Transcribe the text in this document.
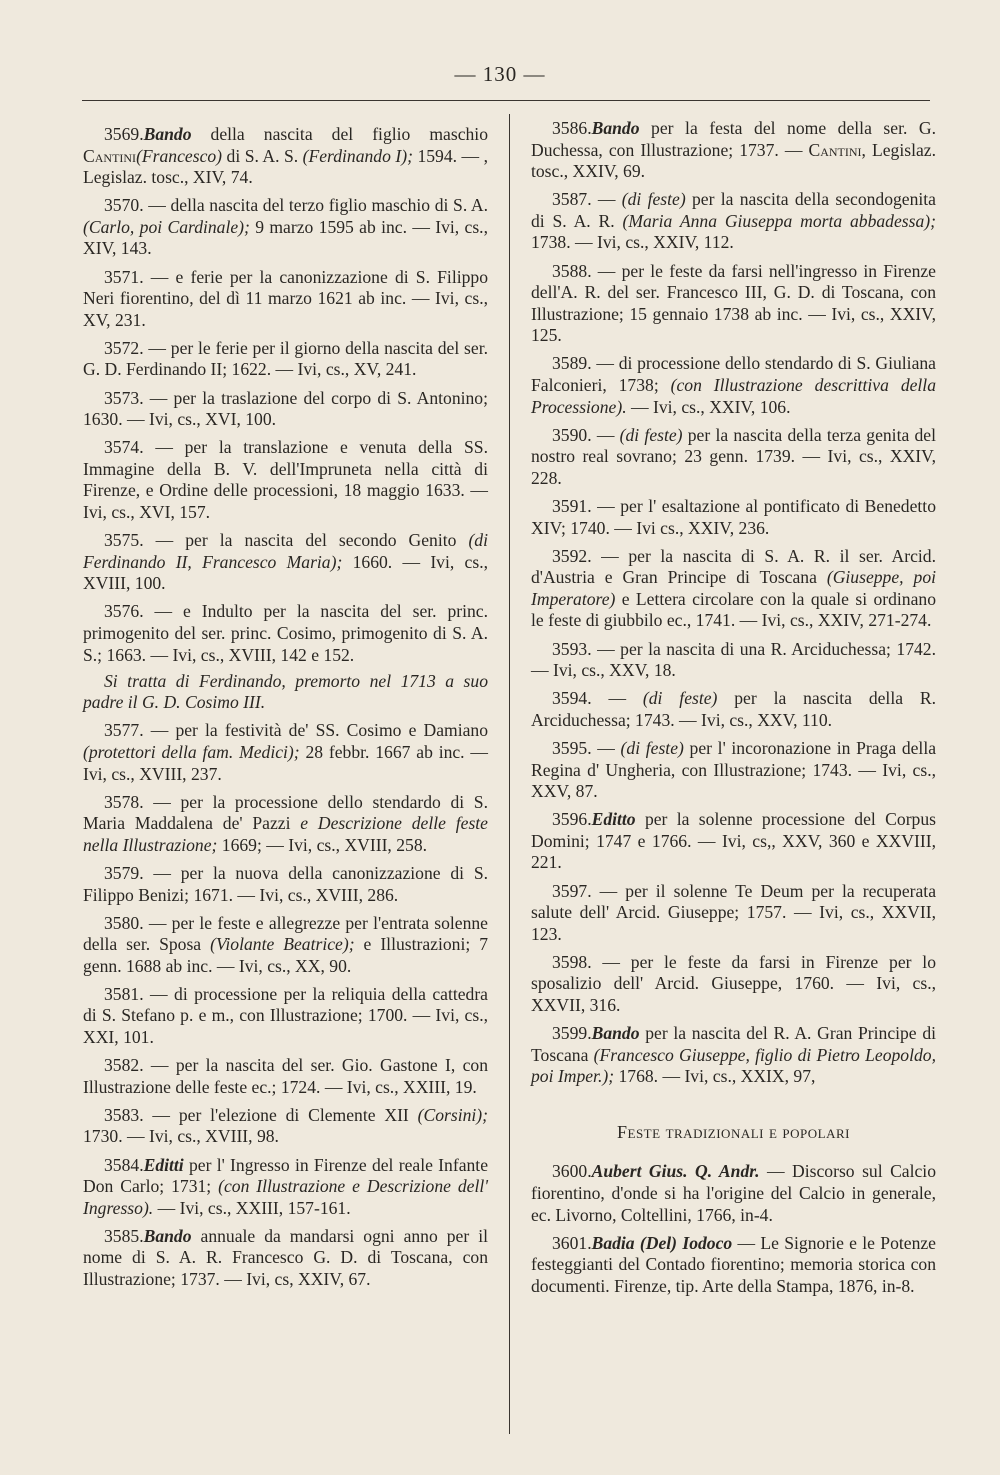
— 130 —

3569.Bando della nascita del figlio maschio Cantini(Francesco) di S. A. S. (Ferdinando I); 1594. — , Legislaz. tosc., XIV, 74.

3570. — della nascita del terzo figlio maschio di S. A. (Carlo, poi Cardinale); 9 marzo 1595 ab inc. — Ivi, cs., XIV, 143.

3571. — e ferie per la canonizzazione di S. Filippo Neri fiorentino, del dì 11 marzo 1621 ab inc. — Ivi, cs., XV, 231.

3572. — per le ferie per il giorno della nascita del ser. G. D. Ferdinando II; 1622. — Ivi, cs., XV, 241.

3573. — per la traslazione del corpo di S. Antonino; 1630. — Ivi, cs., XVI, 100.

3574. — per la translazione e venuta della SS. Immagine della B. V. dell'Impruneta nella città di Firenze, e Ordine delle processioni, 18 maggio 1633. — Ivi, cs., XVI, 157.

3575. — per la nascita del secondo Genito (di Ferdinando II, Francesco Maria); 1660. — Ivi, cs., XVIII, 100.

3576. — e Indulto per la nascita del ser. princ. primogenito del ser. princ. Cosimo, primogenito di S. A. S.; 1663. — Ivi, cs., XVIII, 142 e 152.

Si tratta di Ferdinando, premorto nel 1713 a suo padre il G. D. Cosimo III.

3577. — per la festività de' SS. Cosimo e Damiano (protettori della fam. Medici); 28 febbr. 1667 ab inc. — Ivi, cs., XVIII, 237.

3578. — per la processione dello stendardo di S. Maria Maddalena de' Pazzi e Descrizione delle feste nella Illustrazione; 1669; — Ivi, cs., XVIII, 258.

3579. — per la nuova della canonizzazione di S. Filippo Benizi; 1671. — Ivi, cs., XVIII, 286.

3580. — per le feste e allegrezze per l'entrata solenne della ser. Sposa (Violante Beatrice); e Illustrazioni; 7 genn. 1688 ab inc. — Ivi, cs., XX, 90.

3581. — di processione per la reliquia della cattedra di S. Stefano p. e m., con Illustrazione; 1700. — Ivi, cs., XXI, 101.

3582. — per la nascita del ser. Gio. Gastone I, con Illustrazione delle feste ec.; 1724. — Ivi, cs., XXIII, 19.

3583. — per l'elezione di Clemente XII (Corsini); 1730. — Ivi, cs., XVIII, 98.

3584.Editti per l' Ingresso in Firenze del reale Infante Don Carlo; 1731; (con Illustrazione e Descrizione dell' Ingresso). — Ivi, cs., XXIII, 157-161.

3585.Bando annuale da mandarsi ogni anno per il nome di S. A. R. Francesco G. D. di Toscana, con Illustrazione; 1737. — Ivi, cs, XXIV, 67.

3586.Bando per la festa del nome della ser. G. Duchessa, con Illustrazione; 1737. — Cantini, Legislaz. tosc., XXIV, 69.

3587. — (di feste) per la nascita della secondogenita di S. A. R. (Maria Anna Giuseppa morta abbadessa); 1738. — Ivi, cs., XXIV, 112.

3588. — per le feste da farsi nell'ingresso in Firenze dell'A. R. del ser. Francesco III, G. D. di Toscana, con Illustrazione; 15 gennaio 1738 ab inc. — Ivi, cs., XXIV, 125.

3589. — di processione dello stendardo di S. Giuliana Falconieri, 1738; (con Illustrazione descrittiva della Processione). — Ivi, cs., XXIV, 106.

3590. — (di feste) per la nascita della terza genita del nostro real sovrano; 23 genn. 1739. — Ivi, cs., XXIV, 228.

3591. — per l' esaltazione al pontificato di Benedetto XIV; 1740. — Ivi cs., XXIV, 236.

3592. — per la nascita di S. A. R. il ser. Arcid. d'Austria e Gran Principe di Toscana (Giuseppe, poi Imperatore) e Lettera circolare con la quale si ordinano le feste di giubbilo ec., 1741. — Ivi, cs., XXIV, 271-274.

3593. — per la nascita di una R. Arciduchessa; 1742. — Ivi, cs., XXV, 18.

3594. — (di feste) per la nascita della R. Arciduchessa; 1743. — Ivi, cs., XXV, 110.

3595. — (di feste) per l' incoronazione in Praga della Regina d' Ungheria, con Illustrazione; 1743. — Ivi, cs., XXV, 87.

3596.Editto per la solenne processione del Corpus Domini; 1747 e 1766. — Ivi, cs,, XXV, 360 e XXVIII, 221.

3597. — per il solenne Te Deum per la recuperata salute dell' Arcid. Giuseppe; 1757. — Ivi, cs., XXVII, 123.

3598. — per le feste da farsi in Firenze per lo sposalizio dell' Arcid. Giuseppe, 1760. — Ivi, cs., XXVII, 316.

3599.Bando per la nascita del R. A. Gran Principe di Toscana (Francesco Giuseppe, figlio di Pietro Leopoldo, poi Imper.); 1768. — Ivi, cs., XXIX, 97,

Feste tradizionali e popolari

3600.Aubert Gius. Q. Andr. — Discorso sul Calcio fiorentino, d'onde si ha l'origine del Calcio in generale, ec. Livorno, Coltellini, 1766, in-4.

3601.Badia (Del) Iodoco — Le Signorie e le Potenze festeggianti del Contado fiorentino; memoria storica con documenti. Firenze, tip. Arte della Stampa, 1876, in-8.
